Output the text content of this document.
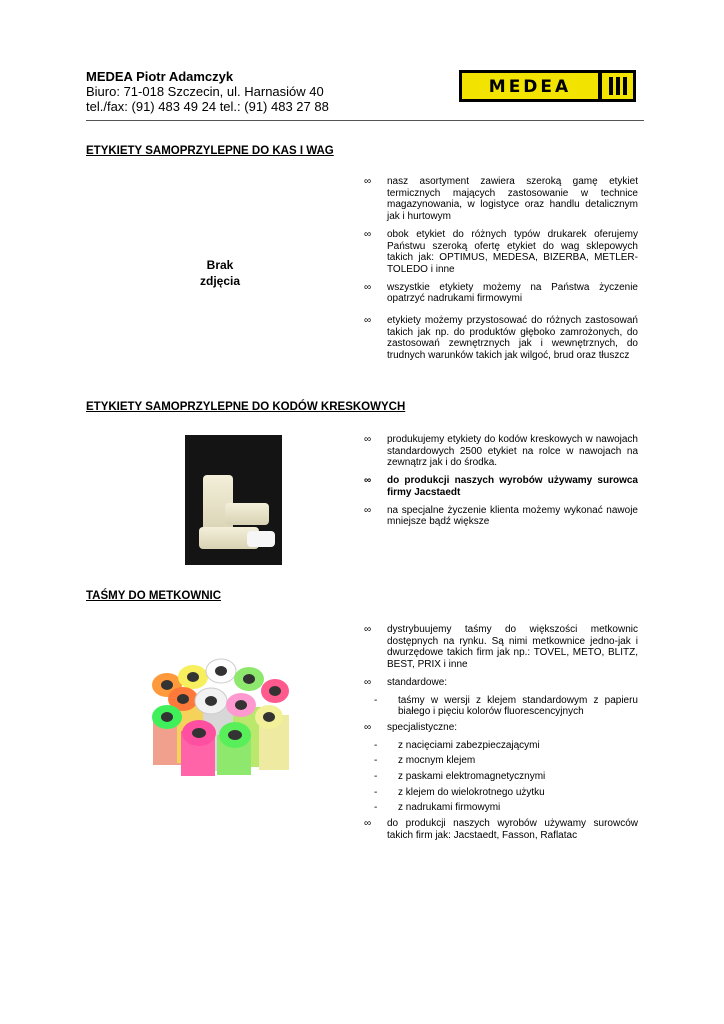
MEDEA Piotr Adamczyk
Biuro: 71-018 Szczecin, ul. Harnasiów 40
tel./fax: (91) 483 49 24 tel.: (91) 483 27 88
MEDEA
ETYKIETY SAMOPRZYLEPNE DO KAS I WAG
Brak
zdjęcia
∞ nasz asortyment zawiera szeroką gamę etykiet termicznych mających zastosowanie w technice magazynowania, w logistyce oraz handlu detalicznym jak i hurtowym
∞ obok etykiet do różnych typów drukarek oferujemy Państwu szeroką ofertę etykiet do wag sklepowych takich jak: OPTIMUS, MEDESA, BIZERBA, METLER-TOLEDO i inne
∞ wszystkie etykiety możemy na Państwa życzenie opatrzyć nadrukami firmowymi
∞ etykiety możemy przystosować do różnych zastosowań takich jak np. do produktów głęboko zamrożonych, do zastosowań zewnętrznych jak i wewnętrznych, do trudnych warunków takich jak wilgoć, brud oraz tłuszcz
ETYKIETY SAMOPRZYLEPNE DO KODÓW KRESKOWYCH
∞ produkujemy etykiety do kodów kreskowych w nawojach standardowych 2500 etykiet na rolce w nawojach na zewnątrz jak i do środka.
∞ do produkcji naszych wyrobów używamy surowca firmy Jacstaedt
∞ na specjalne życzenie klienta możemy wykonać nawoje mniejsze bądź większe
TAŚMY DO METKOWNIC
∞ dystrybuujemy taśmy do większości metkownic dostępnych na rynku. Są nimi metkownice jedno-jak i dwurzędowe takich firm jak np.: TOVEL, METO, BLITZ, BEST, PRIX i inne
∞ standardowe:
- taśmy w wersji z klejem standardowym z papieru białego i pięciu kolorów fluorescencyjnych
∞ specjalistyczne:
- z nacięciami zabezpieczającymi
- z mocnym klejem
- z paskami elektromagnetycznymi
- z klejem do wielokrotnego użytku
- z nadrukami firmowymi
∞ do produkcji naszych wyrobów używamy surowców takich firm jak: Jacstaedt, Fasson, Raflatac
